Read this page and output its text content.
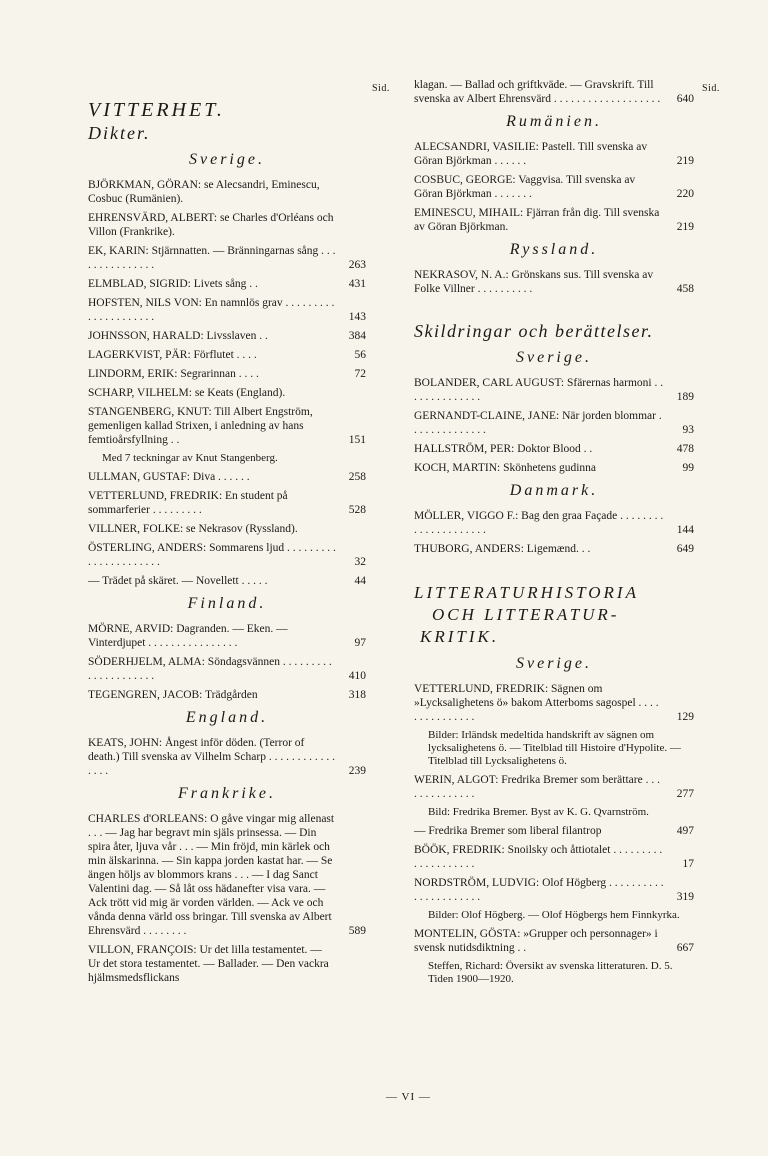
Sid.	Sid.
VITTERHET.
Dikter.
Sverige.
BJÖRKMAN, GÖRAN: se Alecsandri, Eminescu, Cosbuc (Rumänien).
EHRENSVÄRD, ALBERT: se Charles d'Orléans och Villon (Frankrike).
EK, KARIN: Stjärnnatten. — Bränningarnas sång . . . . . . . . . . . . . . .	263
ELMBLAD, SIGRID: Livets sång . .	431
HOFSTEN, NILS VON: En namnlös grav . . . . . . . . . . . . . . . . . . . . .	143
JOHNSSON, HARALD: Livsslaven . .	384
LAGERKVIST, PÄR: Förflutet . . . .	56
LINDORM, ERIK: Segrarinnan . . . .	72
SCHARP, VILHELM: se Keats (England).
STANGENBERG, KNUT: Till Albert Engström, gemenligen kallad Strixen, i anledning av hans femtioårsfyllning . .	151
Med 7 teckningar av Knut Stangenberg.
ULLMAN, GUSTAF: Diva . . . . . .	258
VETTERLUND, FREDRIK: En student på sommarferier . . . . . . . . .	528
VILLNER, FOLKE: se Nekrasov (Ryssland).
ÖSTERLING, ANDERS: Sommarens ljud . . . . . . . . . . . . . . . . . . . . . .	32
— Trädet på skäret. — Novellett . . . . .	44
Finland.
MÖRNE, ARVID: Dagranden. — Eken. — Vinterdjupet . . . . . . . . . . . . . . . .	97
SÖDERHJELM, ALMA: Söndagsvännen . . . . . . . . . . . . . . . . . . . . .	410
TEGENGREN, JACOB: Trädgården	318
England.
KEATS, JOHN: Ångest inför döden. (Terror of death.) Till svenska av Vilhelm Scharp . . . . . . . . . . . . . . . .	239
Frankrike.
CHARLES d'ORLEANS: O gåve vingar mig allenast . . . — Jag har begravt min själs prinsessa. — Din spira åter, ljuva vår . . . — Min fröjd, min kärlek och min älskarinna. — Sin kappa jorden kastat har. — Se ängen höljs av blommors krans . . . — I dag Sanct Valentini dag. — Så låt oss hädanefter visa vara. — Ack trött vid mig är vorden världen. — Ack ve och vånda denna värld oss bringar. Till svenska av Albert Ehrensvärd . . . . . . . .	589
VILLON, FRANÇOIS: Ur det lilla testamentet. — Ur det stora testamentet. — Ballader. — Den vackra hjälmsmedsflickans
klagan. — Ballad och griftkväde. — Gravskrift. Till svenska av Albert Ehrensvärd . . . . . . . . . . . . . . . . . . .	640
Rumänien.
ALECSANDRI, VASILIE: Pastell. Till svenska av Göran Björkman . . . . . .	219
COSBUC, GEORGE: Vaggvisa. Till svenska av Göran Björkman . . . . . . .	220
EMINESCU, MIHAIL: Fjärran från dig. Till svenska av Göran Björkman.	219
Ryssland.
NEKRASOV, N. A.: Grönskans sus. Till svenska av Folke Villner . . . . . . . . . .	458
Skildringar och berättelser.
Sverige.
BOLANDER, CARL AUGUST: Sfärernas harmoni . . . . . . . . . . . . . .	189
GERNANDT-CLAINE, JANE: När jorden blommar . . . . . . . . . . . . . .	93
HALLSTRÖM, PER: Doktor Blood . .	478
KOCH, MARTIN: Skönhetens gudinna	99
Danmark.
MÖLLER, VIGGO F.: Bag den graa Façade . . . . . . . . . . . . . . . . . . . . .	144
THUBORG, ANDERS: Ligemænd. . .	649
LITTERATURHISTORIA
OCH LITTERATUR-
KRITIK.
Sverige.
VETTERLUND, FREDRIK: Sägnen om »Lycksalighetens ö» bakom Atterboms sagospel . . . . . . . . . . . . . . .	129
Bilder: Irländsk medeltida handskrift av sägnen om lycksalighetens ö. — Titelblad till Histoire d'Hypolite. — Titelblad till Lycksalighetens ö.
WERIN, ALGOT: Fredrika Bremer som berättare . . . . . . . . . . . . . .	277
Bild: Fredrika Bremer. Byst av K. G. Qvarnström.
— Fredrika Bremer som liberal filantrop	497
BÖÖK, FREDRIK: Snoilsky och åttiotalet . . . . . . . . . . . . . . . . . . . .	17
NORDSTRÖM, LUDVIG: Olof Högberg . . . . . . . . . . . . . . . . . . . . . .	319
Bilder: Olof Högberg. — Olof Högbergs hem Finnkyrka.
MONTELIN, GÖSTA: »Grupper och personnager» i svensk nutidsdiktning . .	667
Steffen, Richard: Översikt av svenska litteraturen. D. 5. Tiden 1900—1920.
— VI —
